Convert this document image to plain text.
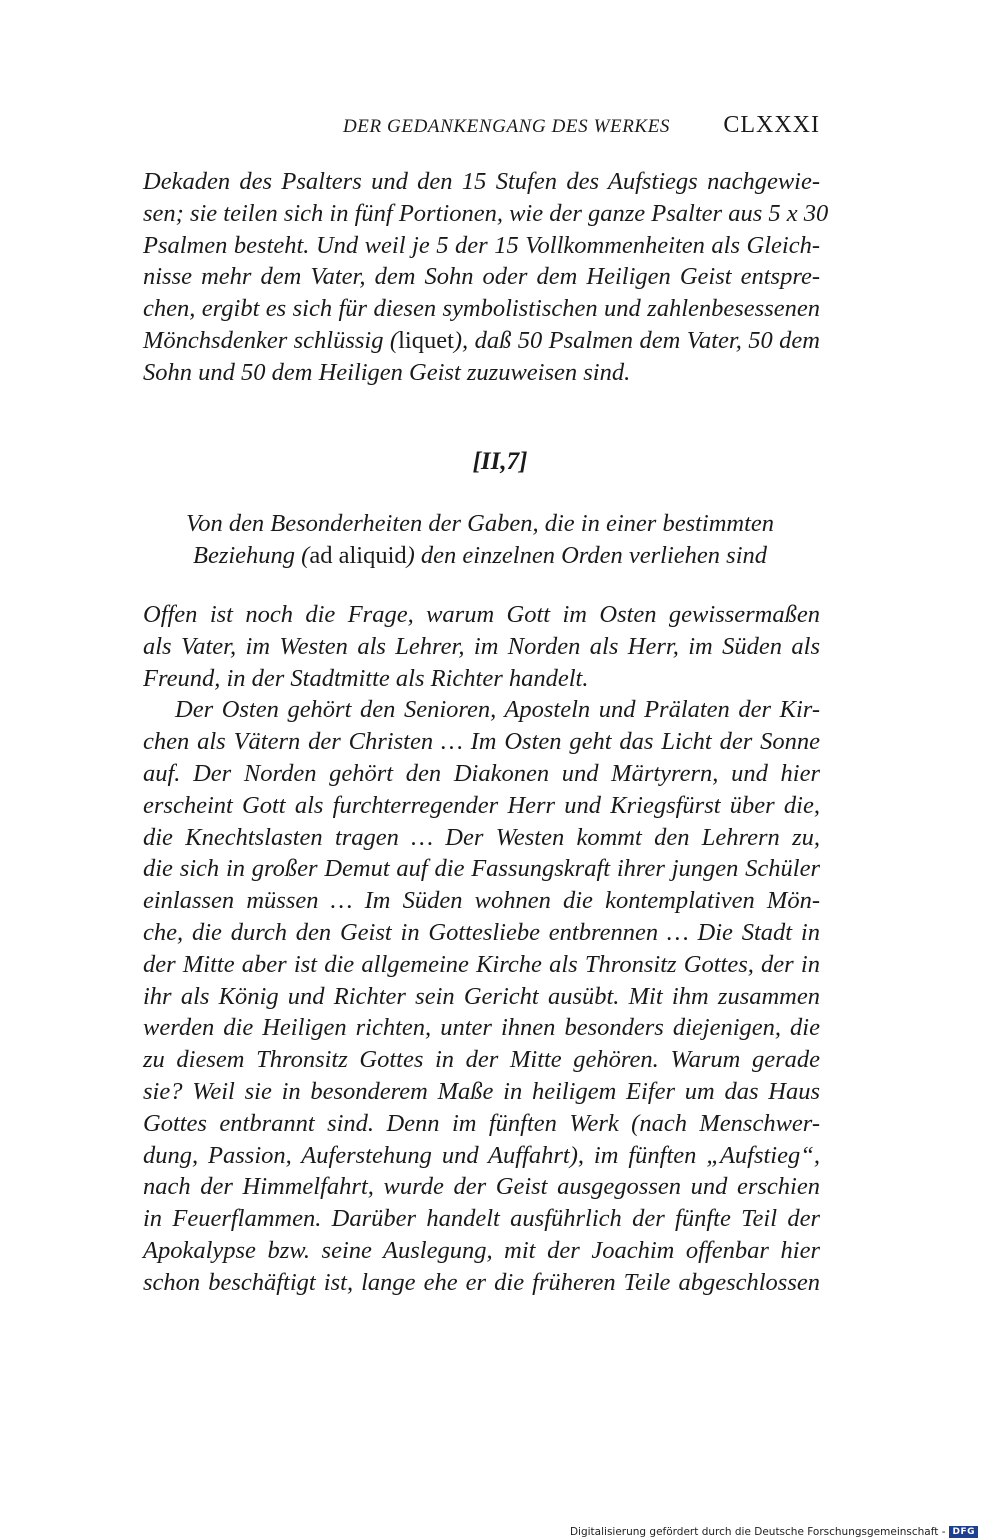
DER GEDANKENGANG DES WERKES CLXXXI
Dekaden des Psalters und den 15 Stufen des Aufstiegs nachgewie-
sen; sie teilen sich in fünf Portionen, wie der ganze Psalter aus 5 x 30
Psalmen besteht. Und weil je 5 der 15 Vollkommenheiten als Gleich-
nisse mehr dem Vater, dem Sohn oder dem Heiligen Geist entspre-
chen, ergibt es sich für diesen symbolistischen und zahlenbesessenen
Mönchsdenker schlüssig (liquet), daß 50 Psalmen dem Vater, 50 dem
Sohn und 50 dem Heiligen Geist zuzuweisen sind.
[II,7]
Von den Besonderheiten der Gaben, die in einer bestimmten
Beziehung (ad aliquid) den einzelnen Orden verliehen sind
Offen ist noch die Frage, warum Gott im Osten gewissermaßen
als Vater, im Westen als Lehrer, im Norden als Herr, im Süden als
Freund, in der Stadtmitte als Richter handelt.
Der Osten gehört den Senioren, Aposteln und Prälaten der Kir-
chen als Vätern der Christen … Im Osten geht das Licht der Sonne
auf. Der Norden gehört den Diakonen und Märtyrern, und hier
erscheint Gott als furchterregender Herr und Kriegsfürst über die,
die Knechtslasten tragen … Der Westen kommt den Lehrern zu,
die sich in großer Demut auf die Fassungskraft ihrer jungen Schüler
einlassen müssen … Im Süden wohnen die kontemplativen Mön-
che, die durch den Geist in Gottesliebe entbrennen … Die Stadt in
der Mitte aber ist die allgemeine Kirche als Thronsitz Gottes, der in
ihr als König und Richter sein Gericht ausübt. Mit ihm zusammen
werden die Heiligen richten, unter ihnen besonders diejenigen, die
zu diesem Thronsitz Gottes in der Mitte gehören. Warum gerade
sie? Weil sie in besonderem Maße in heiligem Eifer um das Haus
Gottes entbrannt sind. Denn im fünften Werk (nach Menschwer-
dung, Passion, Auferstehung und Auffahrt), im fünften „Aufstieg“,
nach der Himmelfahrt, wurde der Geist ausgegossen und erschien
in Feuerflammen. Darüber handelt ausführlich der fünfte Teil der
Apokalypse bzw. seine Auslegung, mit der Joachim offenbar hier
schon beschäftigt ist, lange ehe er die früheren Teile abgeschlossen
Digitalisierung gefördert durch die Deutsche Forschungsgemeinschaft - DFG
